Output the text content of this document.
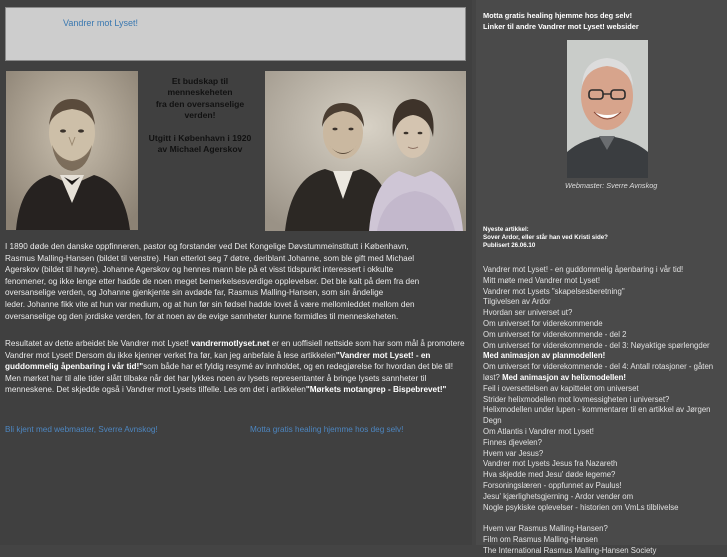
Vandrer mot Lyset!
Et budskap til
menneskeheten
fra den oversanselige
verden!
Utgitt i København i 1920
av Michael Agerskov

I 1890 døde den danske oppfinneren, pastor og forstander ved Det Kongelige Døvstummeinstitutt i København,

Rasmus Malling-Hansen (bildet til venstre). Han etterlot seg 7 døtre, deriblant Johanne, som ble gift med Michael

Agerskov (bildet til høyre). Johanne Agerskov og hennes mann ble på et visst tidspunkt interessert i okkulte

fenomener, og ikke lenge etter hadde de noen meget bemerkelsesverdige opplevelser. Det ble kalt på dem fra den

oversanselige verden, og Johanne gjenkjente sin avdøde far, Rasmus Malling-Hansen, som sin åndelige

leder. Johanne fikk vite at hun var medium, og at hun før sin fødsel hadde lovet å være mellomleddet mellom den

oversanselige og den jordiske verden, for at noen av de evige sannheter kunne formidles til menneskeheten.

Resultatet av dette arbeidet ble Vandrer mot Lyset! vandrermotlyset.net er en uoffisiell nettside som har som mål å promotere Vandrer mot Lyset! Dersom du ikke kjenner verket fra før, kan jeg anbefale å lese artikkelen"Vandrer mot Lyset! - en guddommelig åpenbaring i vår tid!"som både har et fyldig resymé av innholdet, og en redegjørelse for hvordan det ble til! Men mørket har til alle tider slått tilbake når det har lykkes noen av lysets representanter å bringe lysets sannheter til menneskene. Det skjedde også i Vandrer mot Lysets tilfelle. Les om det i artikkelen"Mørkets motangrep - Bispebrevet!"
Bli kjent med webmaster, Sverre Avnskog!	Motta gratis healing hjemme hos deg selv!
Motta gratis healing hjemme hos deg selv!
Linker til andre Vandrer mot Lyset! websider
Webmaster: Sverre Avnskog
Nyeste artikkel:
Sover Ardor, eller står han ved Kristi side?
Publisert 26.06.10
Vandrer mot Lyset! - en guddommelig åpenbaring i vår tid!
Mitt møte med Vandrer mot Lyset!
Vandrer mot Lysets "skapelsesberetning"
Tilgivelsen av Ardor
Hvordan ser universet ut?
Om universet for viderekommende
Om universet for viderekommende - del 2
Om universet for viderekommende - del 3: Nøyaktige spørlengder Med animasjon av planmodellen!
Om universet for viderekommende - del 4: Antall rotasjoner - gåten løst? Med animasjon av helixmodellen!
Feil i oversettelsen av kapittelet om universet
Strider helixmodellen mot lovmessigheten i universet?
Helixmodellen under lupen - kommentarer til en artikkel av Jørgen
Degn
Om Atlantis i Vandrer mot Lyset!
Finnes djevelen?
Hvem var Jesus?
Vandrer mot Lysets Jesus fra Nazareth
Hva skjedde med Jesu' døde legeme?
Forsoningslæren - oppfunnet av Paulus!
Jesu' kjærlighetsgjerning - Ardor vender om
Nogle psykiske oplevelser - historien om VmLs tilblivelse
Hvem var Rasmus Malling-Hansen?
Film om Rasmus Malling-Hansen
The International Rasmus Malling-Hansen Society
